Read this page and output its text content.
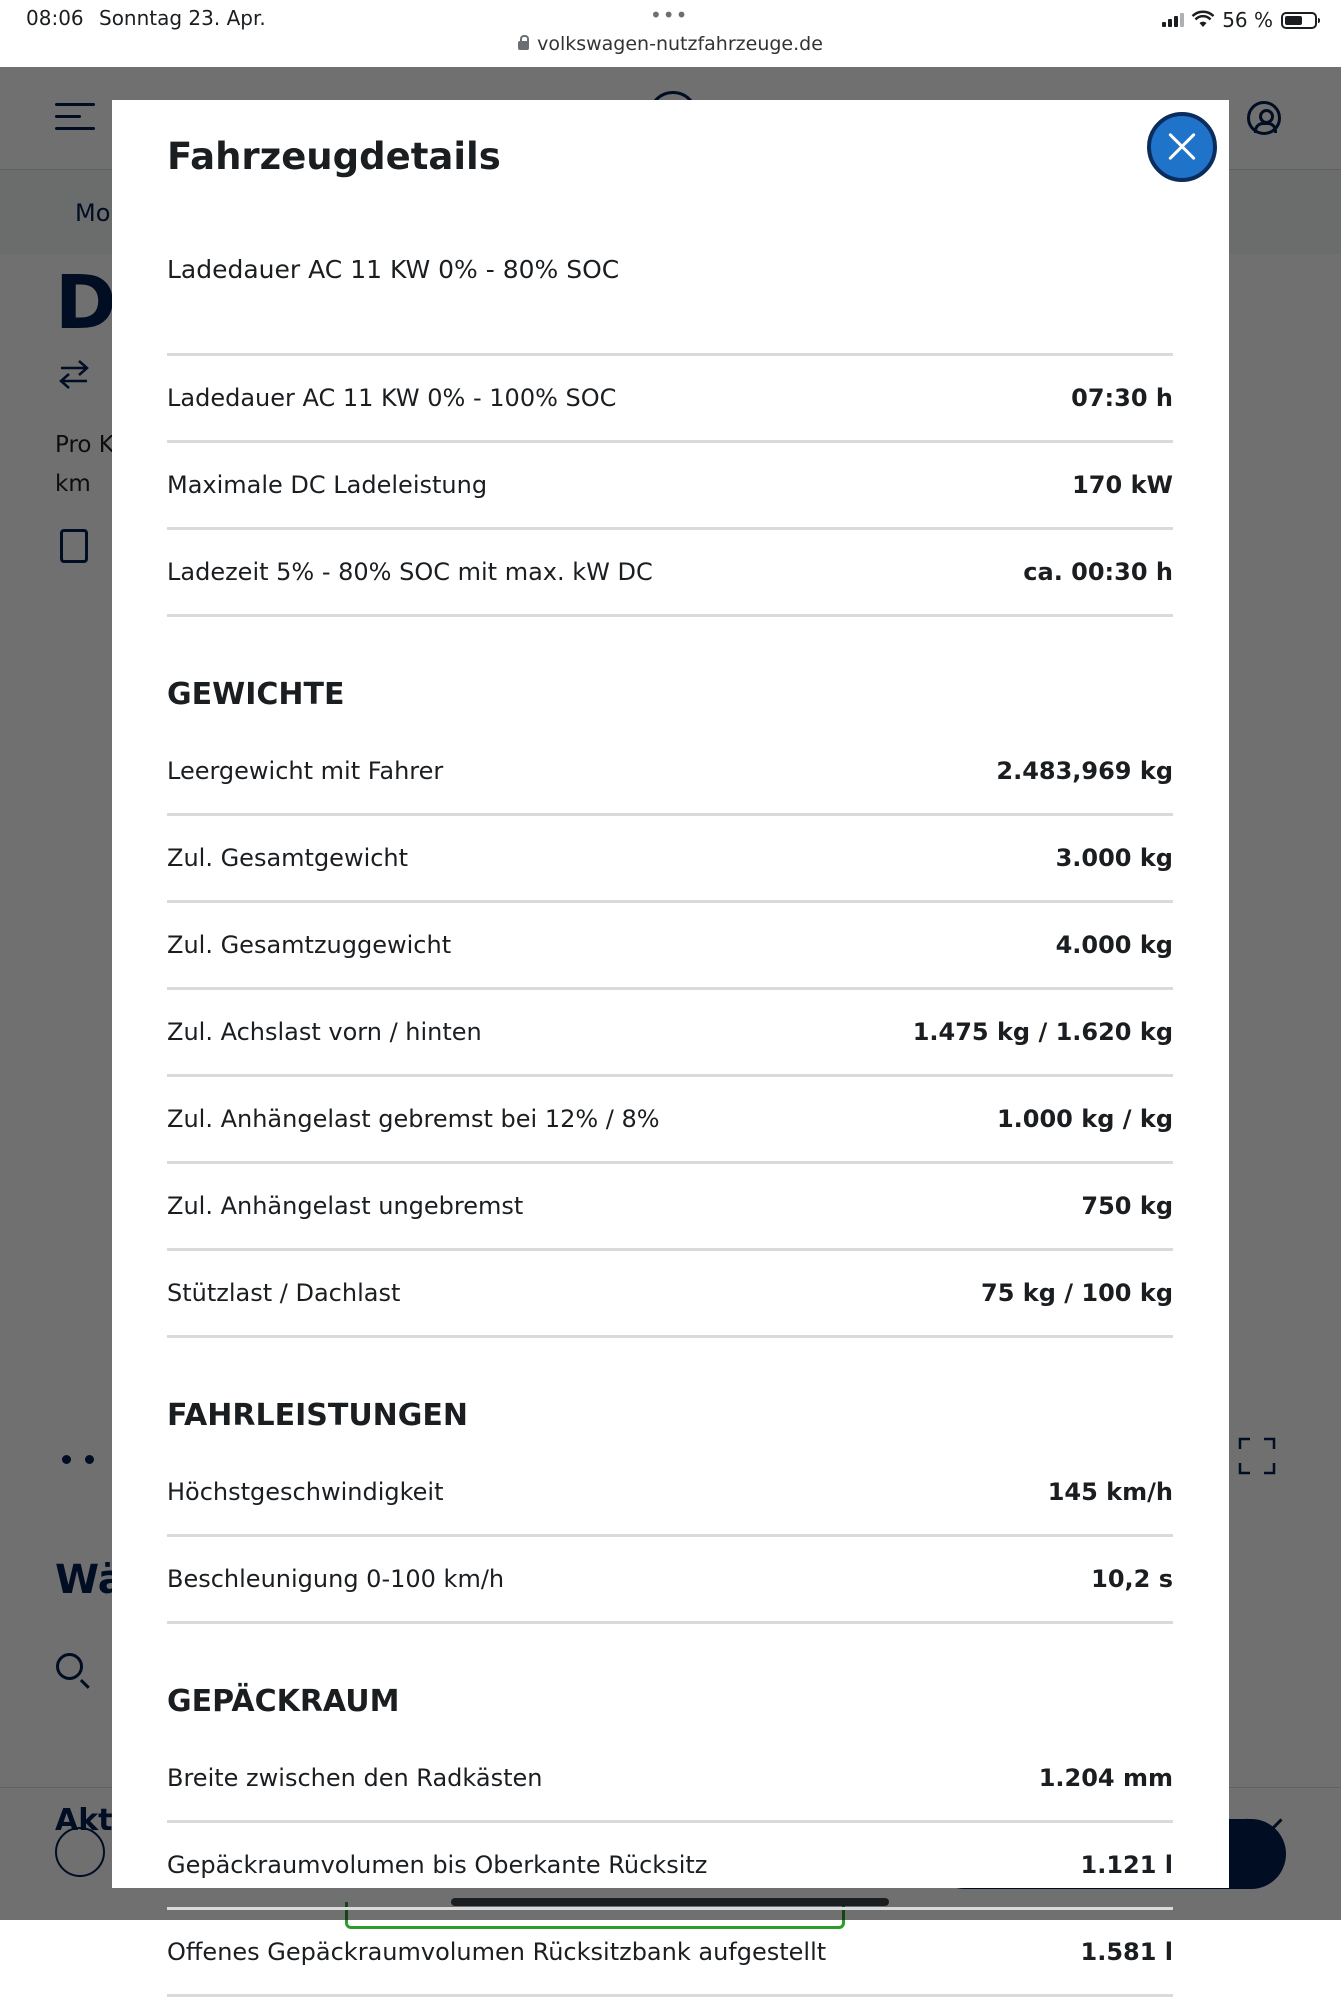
08:06 Sonntag 23. Apr.	•••
volkswagen-nutzfahrzeuge.de
56 %
Fahrzeugdetails
Ladedauer AC 11 KW 0% - 80% SOC
Ladedauer AC 11 KW 0% - 100% SOC	07:30 h
Maximale DC Ladeleistung	170 kW
Ladezeit 5% - 80% SOC mit max. kW DC	ca. 00:30 h
GEWICHTE
Leergewicht mit Fahrer	2.483,969 kg
Zul. Gesamtgewicht	3.000 kg
Zul. Gesamtzuggewicht	4.000 kg
Zul. Achslast vorn / hinten	1.475 kg / 1.620 kg
Zul. Anhängelast gebremst bei 12% / 8%	1.000 kg / kg
Zul. Anhängelast ungebremst	750 kg
Stützlast / Dachlast	75 kg / 100 kg
FAHRLEISTUNGEN
Höchstgeschwindigkeit	145 km/h
Beschleunigung 0-100 km/h	10,2 s
GEPÄCKRAUM
Breite zwischen den Radkästen	1.204 mm
Gepäckraumvolumen bis Oberkante Rücksitz	1.121 l
Offenes Gepäckraumvolumen Rücksitzbank aufgestellt	1.581 l
